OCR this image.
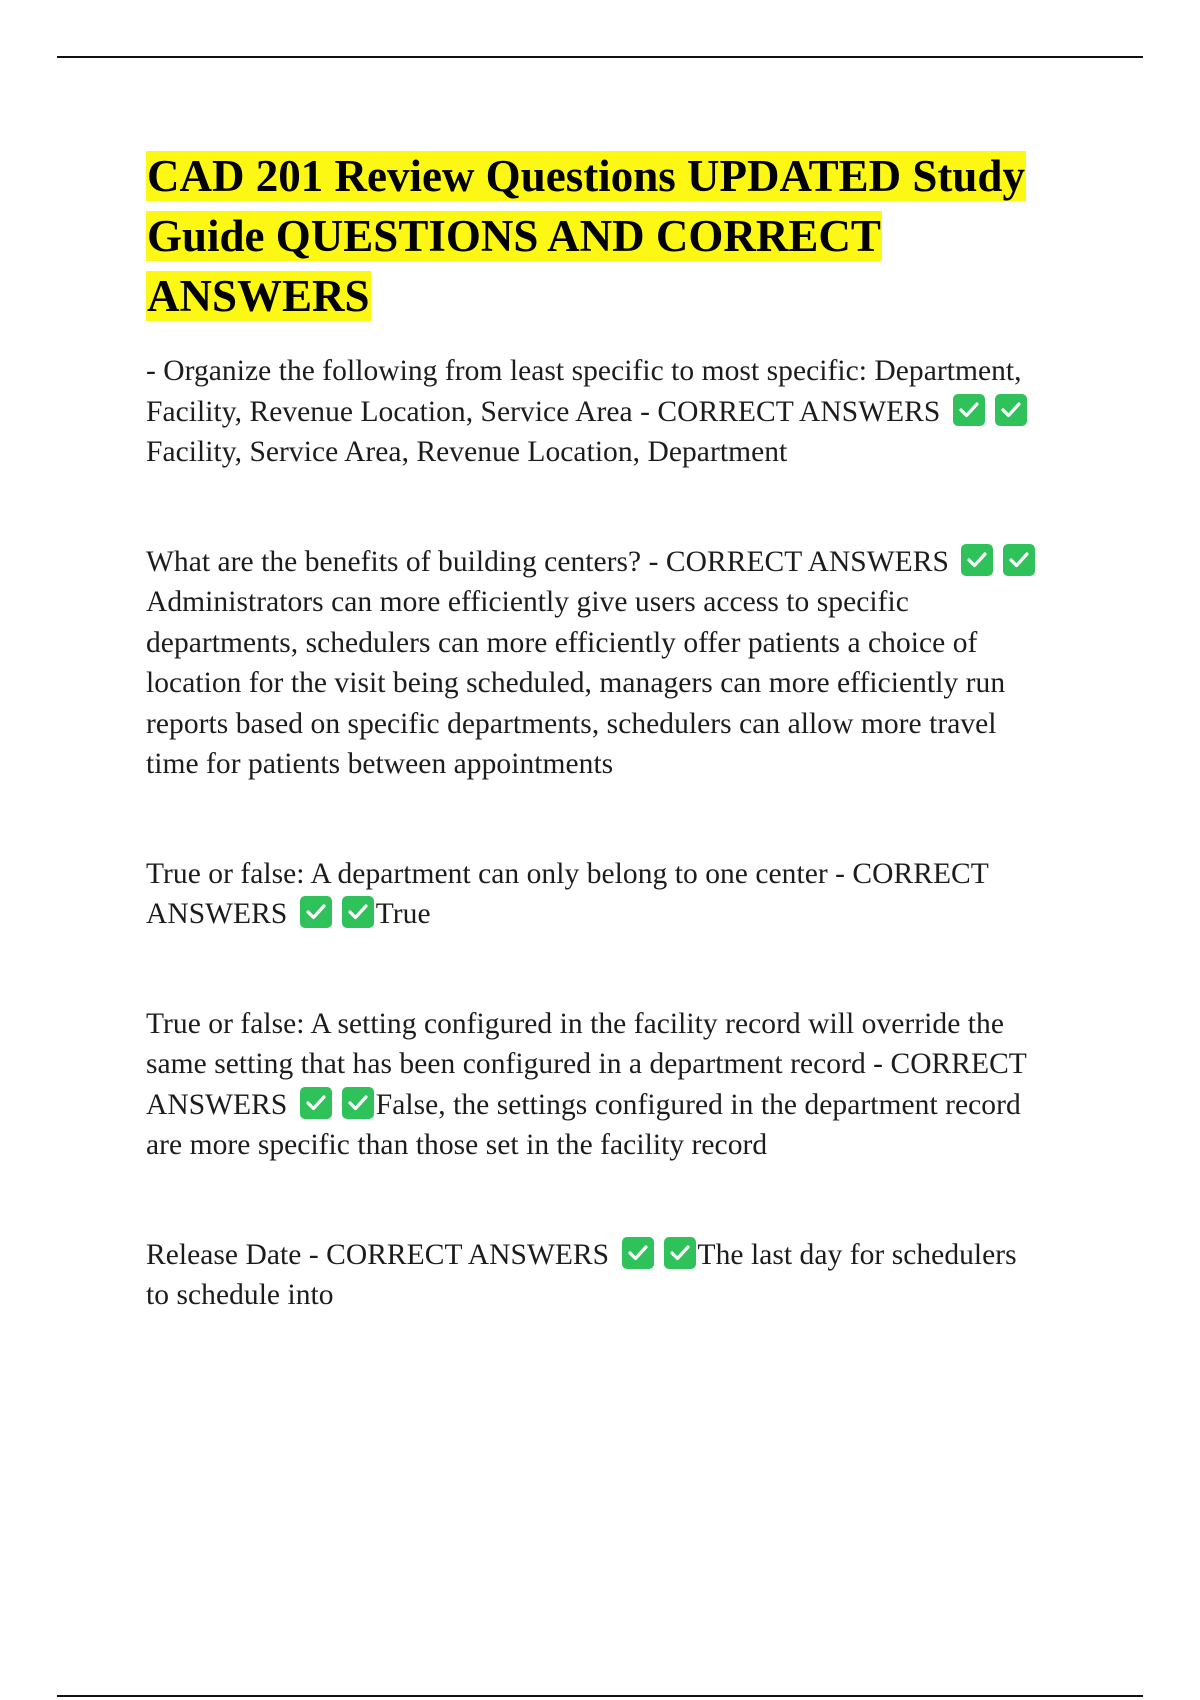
CAD 201 Review Questions UPDATED Study Guide QUESTIONS AND CORRECT ANSWERS

- Organize the following from least specific to most specific: Department, Facility, Revenue Location, Service Area - CORRECT ANSWERS
Facility, Service Area, Revenue Location, Department

What are the benefits of building centers? - CORRECT ANSWERS
Administrators can more efficiently give users access to specific departments, schedulers can more efficiently offer patients a choice of location for the visit being scheduled, managers can more efficiently run reports based on specific departments, schedulers can allow more travel time for patients between appointments

True or false: A department can only belong to one center - CORRECT ANSWERS	True

True or false: A setting configured in the facility record will override the same setting that has been configured in a department record - CORRECT ANSWERS	False, the settings configured in the department record are more specific than those set in the facility record

Release Date - CORRECT ANSWERS	The last day for schedulers to schedule into
